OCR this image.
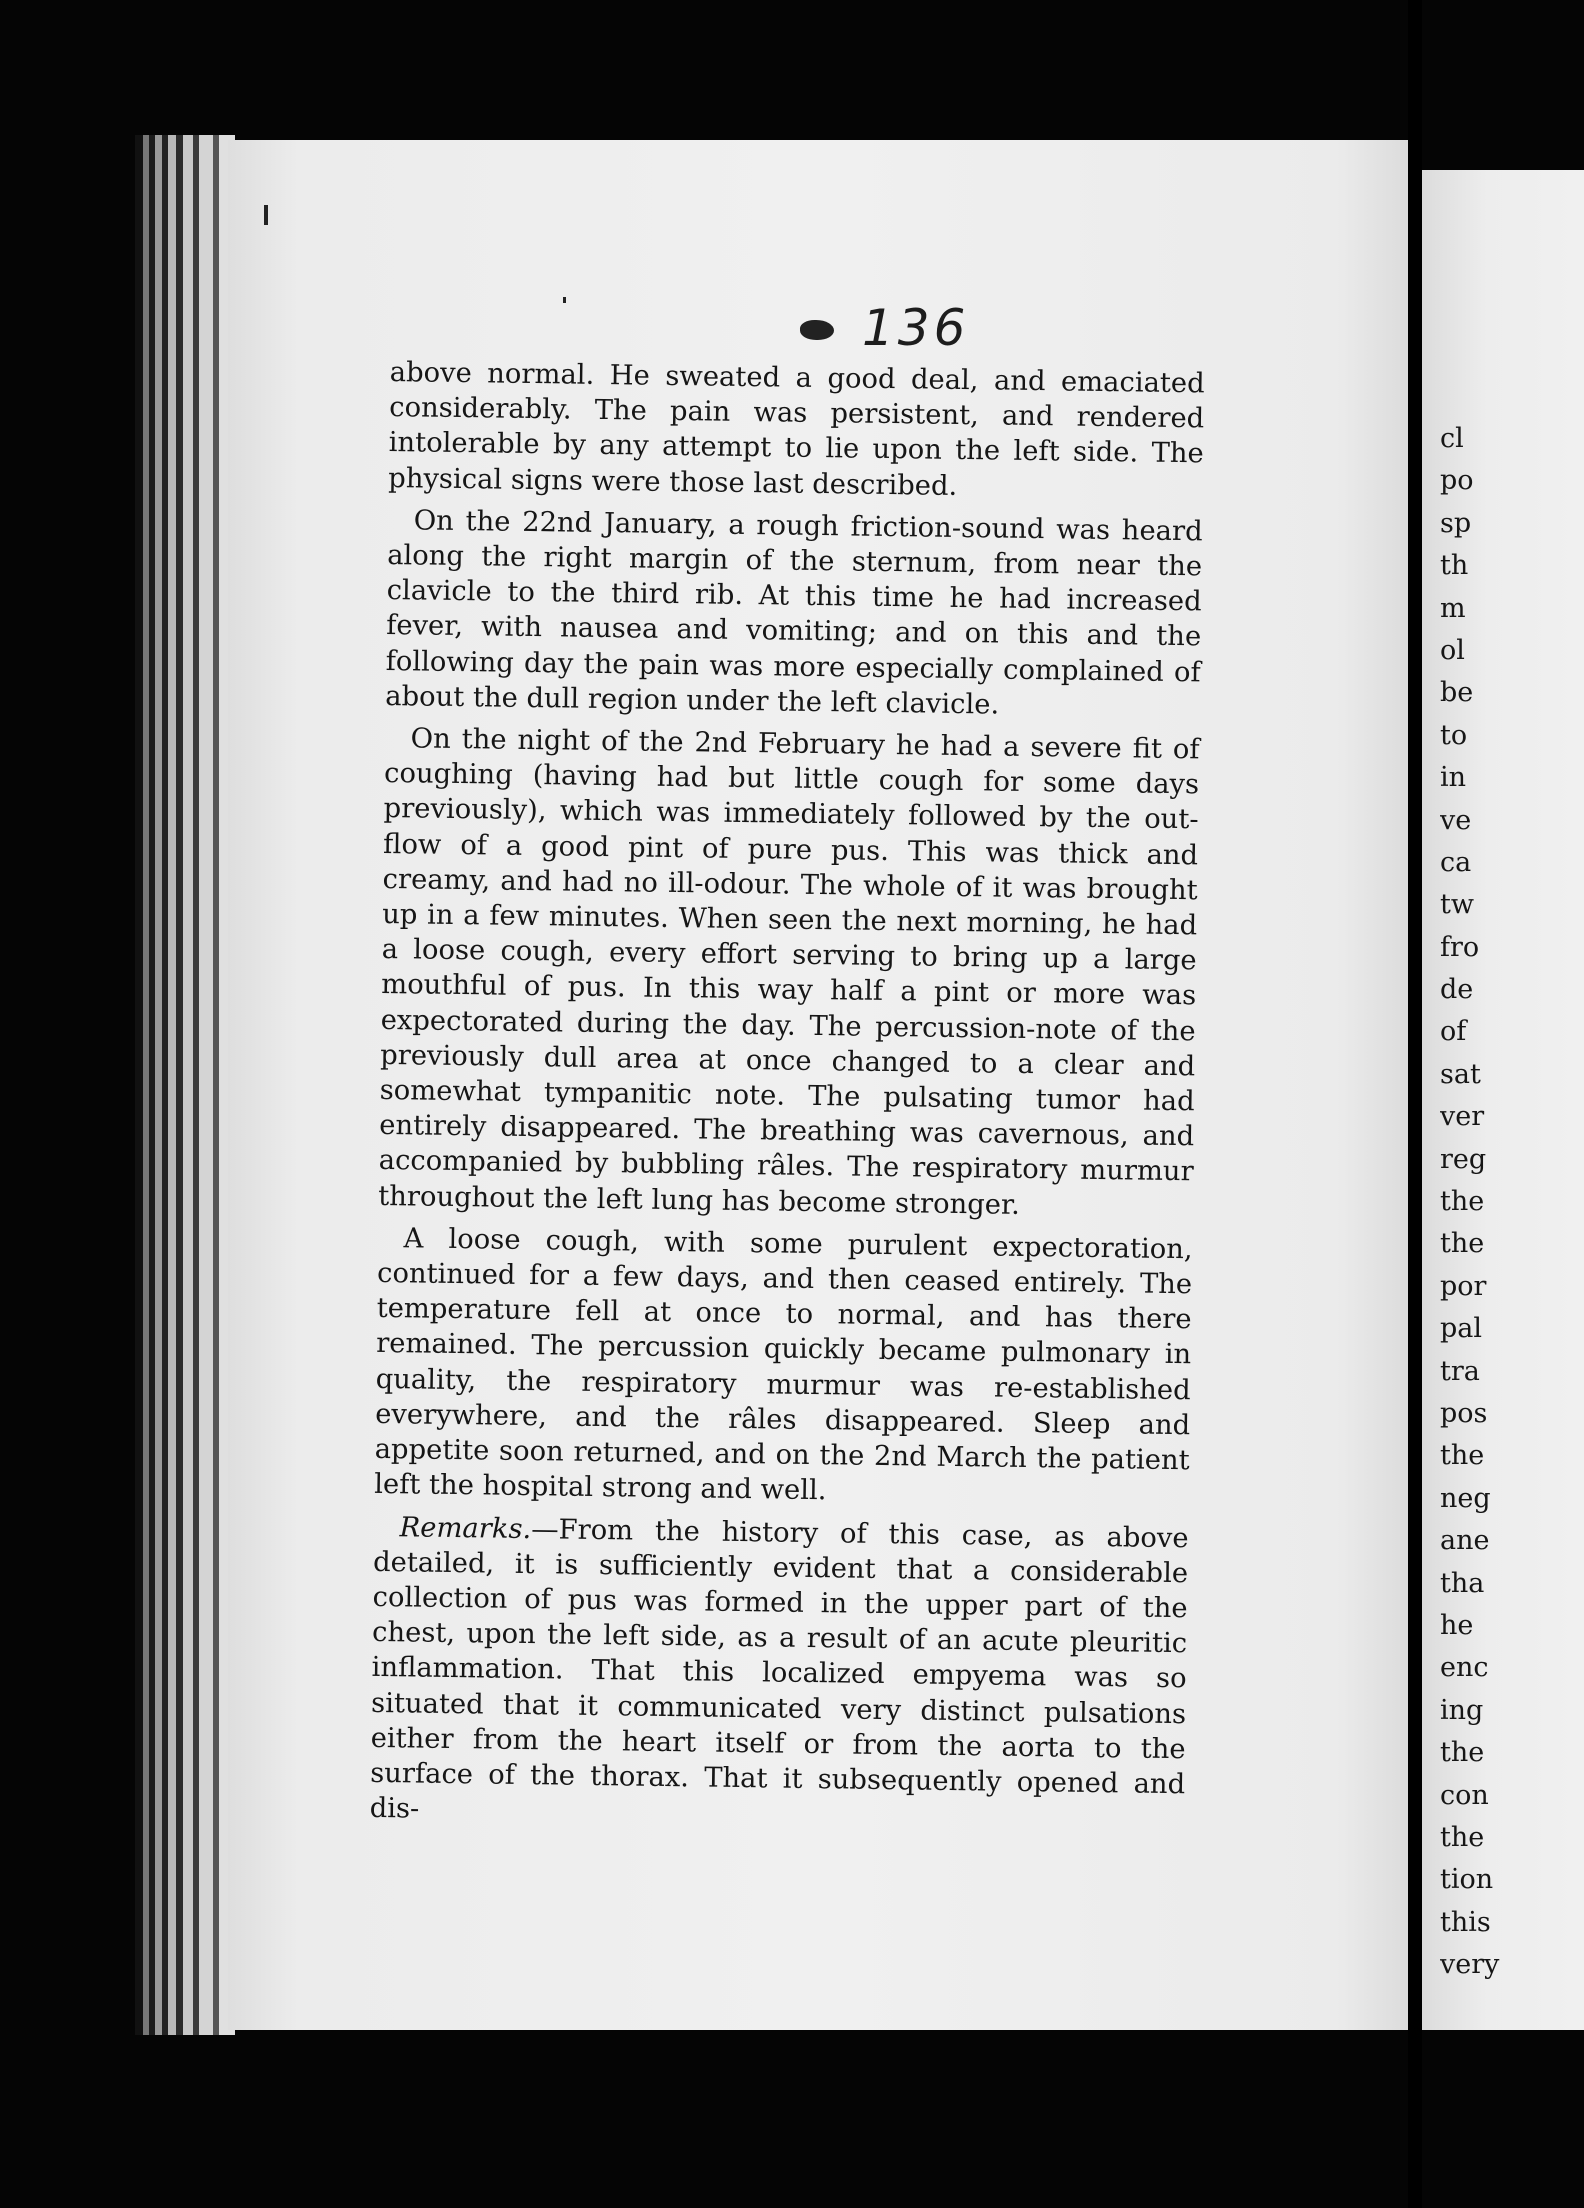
136

above normal. He sweated a good deal, and emaciated considerably. The pain was persistent, and rendered intolerable by any attempt to lie upon the left side. The physical signs were those last described.

On the 22nd January, a rough friction-sound was heard along the right margin of the sternum, from near the clavicle to the third rib. At this time he had increased fever, with nausea and vomiting; and on this and the following day the pain was more especially complained of about the dull region under the left clavicle.

On the night of the 2nd February he had a severe fit of coughing (having had but little cough for some days previously), which was immediately followed by the out-flow of a good pint of pure pus. This was thick and creamy, and had no ill-odour. The whole of it was brought up in a few minutes. When seen the next morning, he had a loose cough, every effort serving to bring up a large mouthful of pus. In this way half a pint or more was expectorated during the day. The percussion-note of the previously dull area at once changed to a clear and somewhat tympanitic note. The pulsating tumor had entirely disappeared. The breathing was cavernous, and accompanied by bubbling râles. The respiratory murmur throughout the left lung has become stronger.

A loose cough, with some purulent expectoration, continued for a few days, and then ceased entirely. The temperature fell at once to normal, and has there remained. The percussion quickly became pulmonary in quality, the respiratory murmur was re-established everywhere, and the râles disappeared. Sleep and appetite soon returned, and on the 2nd March the patient left the hospital strong and well.

Remarks.—From the history of this case, as above detailed, it is sufficiently evident that a considerable collection of pus was formed in the upper part of the chest, upon the left side, as a result of an acute pleuritic inflammation. That this localized empyema was so situated that it communicated very distinct pulsations either from the heart itself or from the aorta to the surface of the thorax. That it subsequently opened and dis-

cl
po
sp
th
m
ol
be
to
in
ve
ca
tw
fro
de
of
sat
ver
reg
the
the
por
pal
tra
pos
the
neg
ane
tha
he
enc
ing
the
con
the
tion
this
very
